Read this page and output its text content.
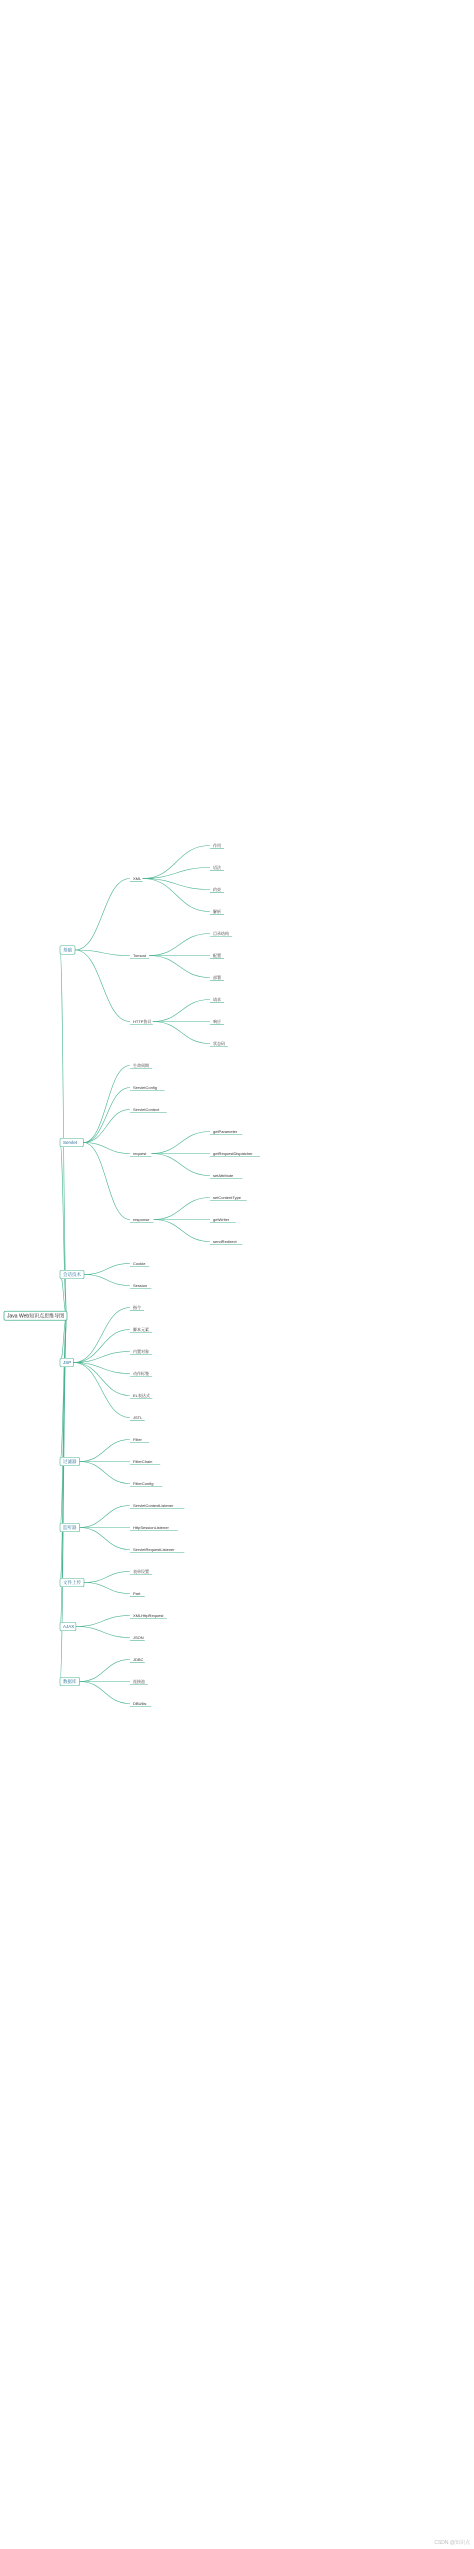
Java Web知识点思维导图
基础
XML
作用
语法
约束
解析
Tomcat
目录结构
配置
部署
HTTP协议
请求
响应
状态码
Servlet
生命周期
ServletConfig
ServletContext
request
getParameter
getRequestDispatcher
setAttribute
response
setContentType
getWriter
sendRedirect
会话技术
Cookie
Session
JSP
指令
脚本元素
内置对象
动作标签
EL表达式
JSTL
过滤器
Filter
FilterChain
FilterConfig
监听器
ServletContextListener
HttpSessionListener
ServletRequestListener
文件上传
表单设置
Part
AJAX
XMLHttpRequest
JSON
数据库
JDBC
连接池
DBUtils
CSDN @知识点
